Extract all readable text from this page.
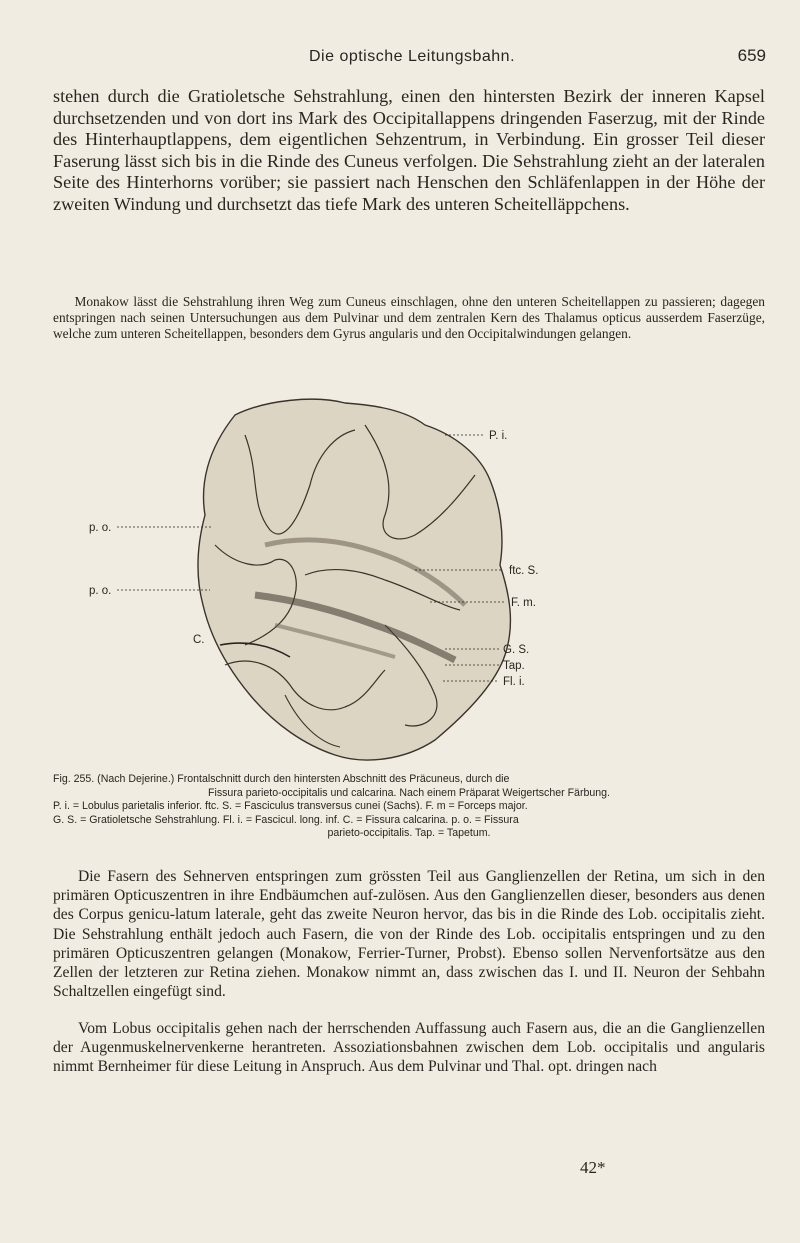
Die optische Leitungsbahn.	659

stehen durch die Gratioletsche Sehstrahlung, einen den hintersten Bezirk der inneren Kapsel durchsetzenden und von dort ins Mark des Occipitallappens dringenden Faserzug, mit der Rinde des Hinterhauptlappens, dem eigentlichen Sehzentrum, in Verbindung. Ein grosser Teil dieser Faserung lässt sich bis in die Rinde des Cuneus verfolgen. Die Sehstrahlung zieht an der lateralen Seite des Hinterhorns vorüber; sie passiert nach Henschen den Schläfenlappen in der Höhe der zweiten Windung und durchsetzt das tiefe Mark des unteren Scheitelläppchens.

Monakow lässt die Sehstrahlung ihren Weg zum Cuneus einschlagen, ohne den unteren Scheitellappen zu passieren; dagegen entspringen nach seinen Untersuchungen aus dem Pulvinar und dem zentralen Kern des Thalamus opticus ausserdem Faserzüge, welche zum unteren Scheitellappen, besonders dem Gyrus angularis und den Occipitalwindungen gelangen.

P. i.
p. o.
p. o.
ftc. S.
F. m.
C.
G. S.
Tap.
Fl. i.
Fig. 255. (Nach Dejerine.) Frontalschnitt durch den hintersten Abschnitt des Präcuneus, durch die
Fissura parieto-occipitalis und calcarina. Nach einem Präparat Weigertscher Färbung.
P. i. = Lobulus parietalis inferior. ftc. S. = Fasciculus transversus cunei (Sachs). F. m = Forceps major.
G. S. = Gratioletsche Sehstrahlung. Fl. i. = Fascicul. long. inf. C. = Fissura calcarina. p. o. = Fissura
parieto-occipitalis. Tap. = Tapetum.

Die Fasern des Sehnerven entspringen zum grössten Teil aus Ganglienzellen der Retina, um sich in den primären Opticuszentren in ihre Endbäumchen auf-zulösen. Aus den Ganglienzellen dieser, besonders aus denen des Corpus genicu-latum laterale, geht das zweite Neuron hervor, das bis in die Rinde des Lob. occipitalis zieht. Die Sehstrahlung enthält jedoch auch Fasern, die von der Rinde des Lob. occipitalis entspringen und zu den primären Opticuszentren gelangen (Monakow, Ferrier-Turner, Probst). Ebenso sollen Nervenfortsätze aus den Zellen der letzteren zur Retina ziehen. Monakow nimmt an, dass zwischen das I. und II. Neuron der Sehbahn Schaltzellen eingefügt sind.

Vom Lobus occipitalis gehen nach der herrschenden Auffassung auch Fasern aus, die an die Ganglienzellen der Augenmuskelnervenkerne herantreten. Assoziationsbahnen zwischen dem Lob. occipitalis und angularis nimmt Bernheimer für diese Leitung in Anspruch. Aus dem Pulvinar und Thal. opt. dringen nach

42*
